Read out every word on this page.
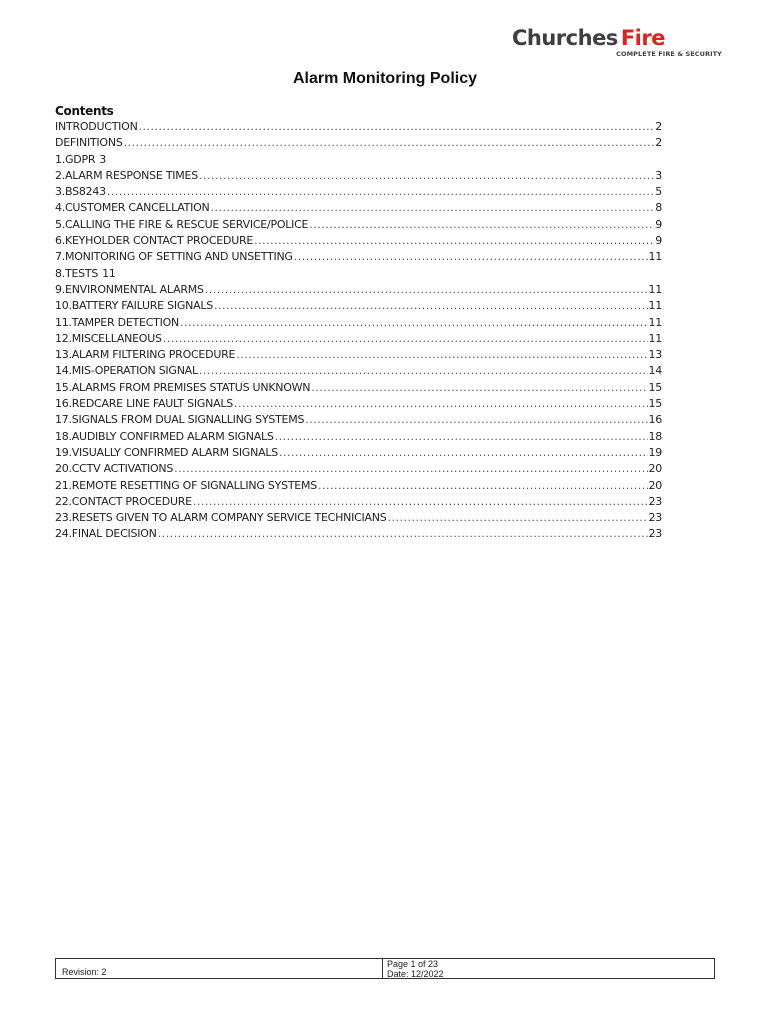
Churches Fire
COMPLETE FIRE & SECURITY
Alarm Monitoring Policy
Contents
INTRODUCTION .....	2
DEFINITIONS .....	2
1.GDPR 3
2.ALARM RESPONSE TIMES .....	3
3.BS8243 .....	5
4.CUSTOMER CANCELLATION .....	8
5.CALLING THE FIRE & RESCUE SERVICE/POLICE .....	9
6.KEYHOLDER CONTACT PROCEDURE .....	9
7.MONITORING OF SETTING AND UNSETTING .....	11
8.TESTS 11
9.ENVIRONMENTAL ALARMS .....	11
10.BATTERY FAILURE SIGNALS .....	11
11.TAMPER DETECTION .....	11
12.MISCELLANEOUS .....	11
13.ALARM FILTERING PROCEDURE .....	13
14.MIS-OPERATION SIGNAL .....	14
15.ALARMS FROM PREMISES STATUS UNKNOWN .....	15
16.REDCARE LINE FAULT SIGNALS .....	15
17.SIGNALS FROM DUAL SIGNALLING SYSTEMS .....	16
18.AUDIBLY CONFIRMED ALARM SIGNALS .....	18
19.VISUALLY CONFIRMED ALARM SIGNALS .....	19
20.CCTV ACTIVATIONS .....	20
21.REMOTE RESETTING OF SIGNALLING SYSTEMS .....	20
22.CONTACT PROCEDURE .....	23
23.RESETS GIVEN TO ALARM COMPANY SERVICE TECHNICIANS .....	23
24.FINAL DECISION .....	23
Revision: 2
Page 1 of 23
Date: 12/2022
